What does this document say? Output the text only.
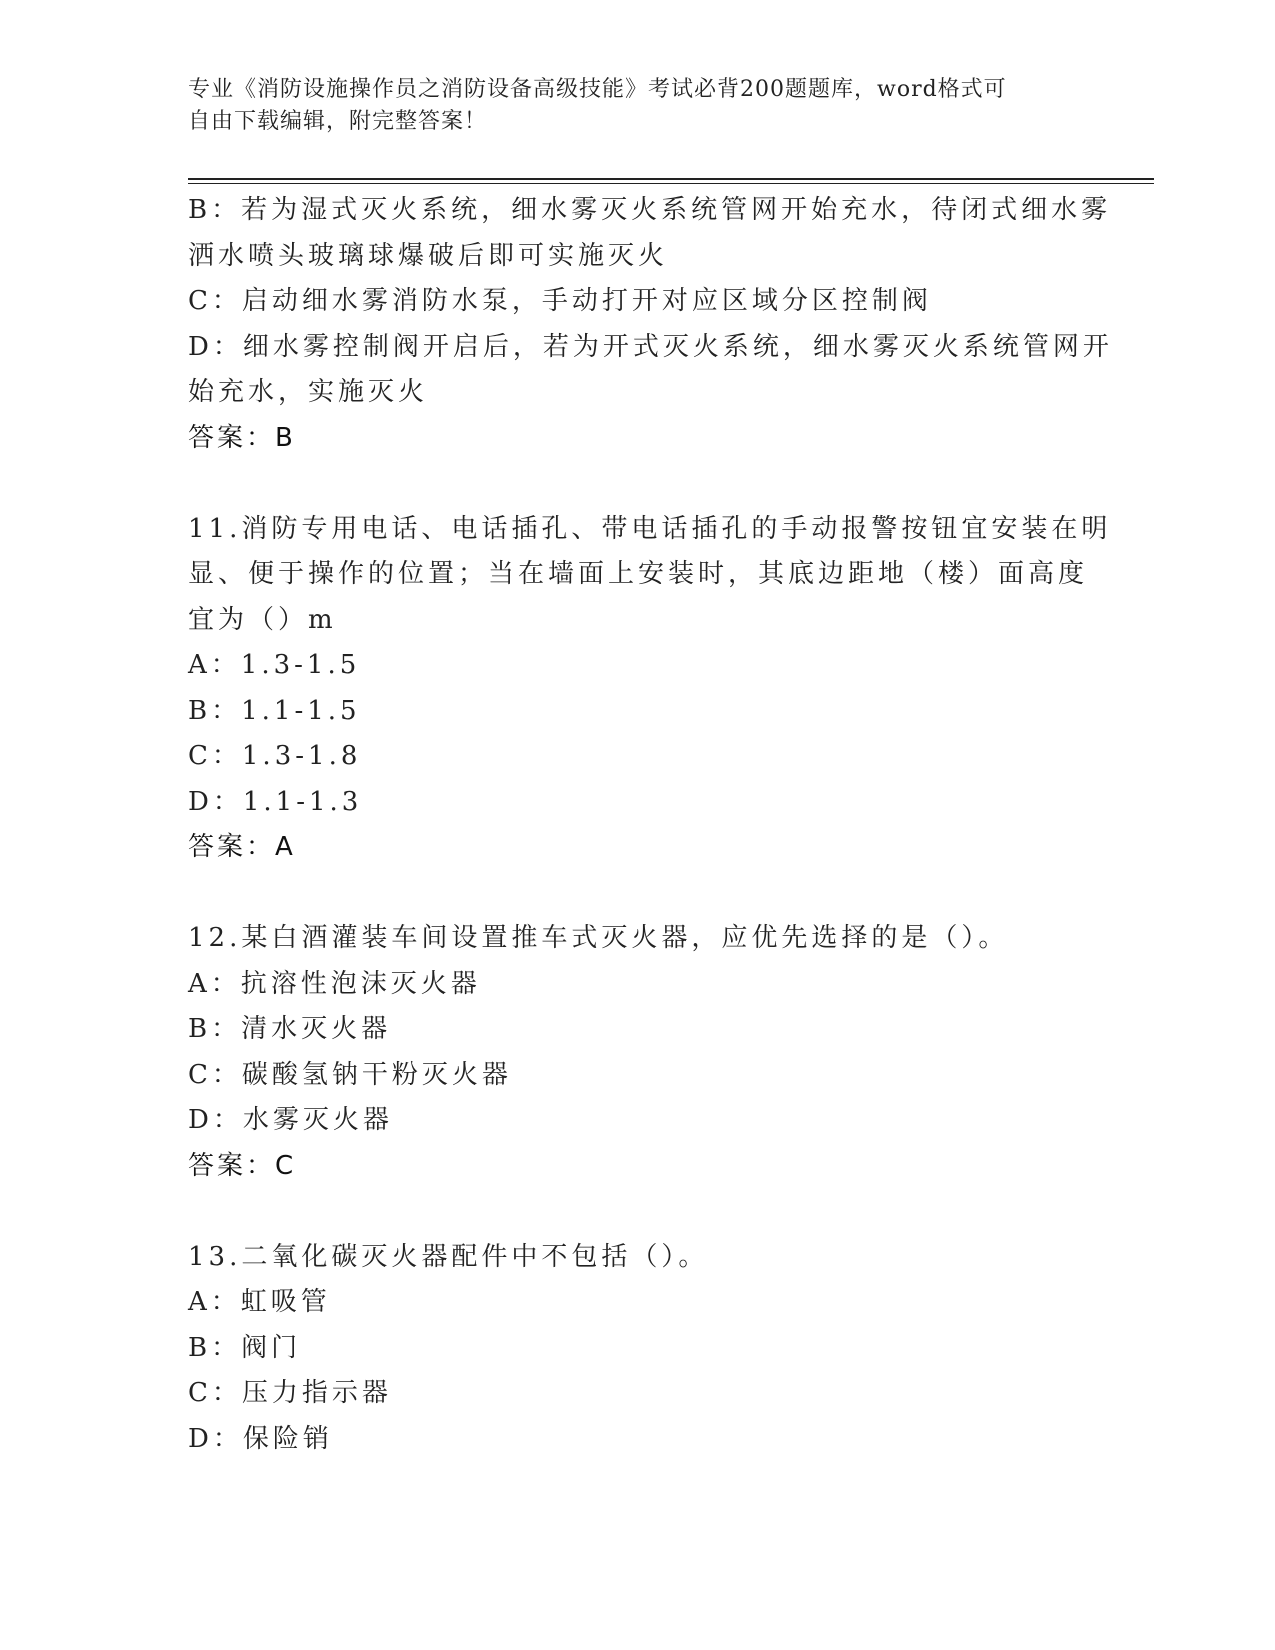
专业《消防设施操作员之消防设备高级技能》考试必背200题题库，word格式可
自由下载编辑，附完整答案！
B：若为湿式灭火系统，细水雾灭火系统管网开始充水，待闭式细水雾
洒水喷头玻璃球爆破后即可实施灭火
C：启动细水雾消防水泵，手动打开对应区域分区控制阀
D：细水雾控制阀开启后，若为开式灭火系统，细水雾灭火系统管网开
始充水，实施灭火
答案：B
11.消防专用电话、电话插孔、带电话插孔的手动报警按钮宜安装在明
显、便于操作的位置；当在墙面上安装时，其底边距地（楼）面高度
宜为（）m
A：1.3-1.5
B：1.1-1.5
C：1.3-1.8
D：1.1-1.3
答案：A
12.某白酒灌装车间设置推车式灭火器，应优先选择的是（）。
A：抗溶性泡沫灭火器
B：清水灭火器
C：碳酸氢钠干粉灭火器
D：水雾灭火器
答案：C
13.二氧化碳灭火器配件中不包括（）。
A：虹吸管
B：阀门
C：压力指示器
D：保险销
